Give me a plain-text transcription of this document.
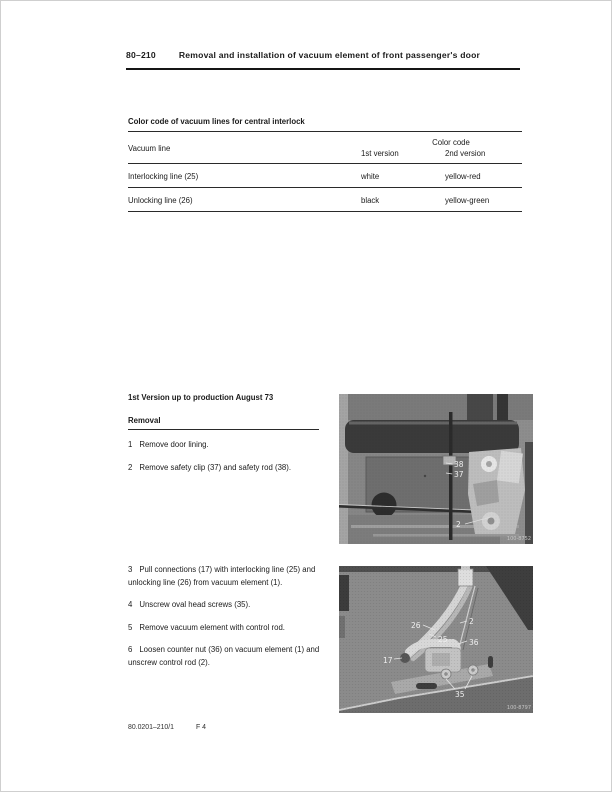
80–210	Removal and installation of vacuum element of front passenger's door
Color code of vacuum lines for central interlock
Vacuum line
Color code
1st version	2nd version
Interlocking line (25)	white	yellow-red
Unlocking line (26)	black	yellow-green
1st Version up to production August 73
Removal
1 Remove door lining.
2 Remove safety clip (37) and safety rod (38).
3 Pull connections (17) with interlocking line (25) and unlocking line (26) from vacuum element (1).
4 Unscrew oval head screws (35).
5 Remove vacuum element with control rod.
6 Loosen counter nut (36) on vacuum element (1) and unscrew control rod (2).
38
37
2
100-8752
26	2
25	36
17
35
100-8797
80.0201–210/1	F 4
